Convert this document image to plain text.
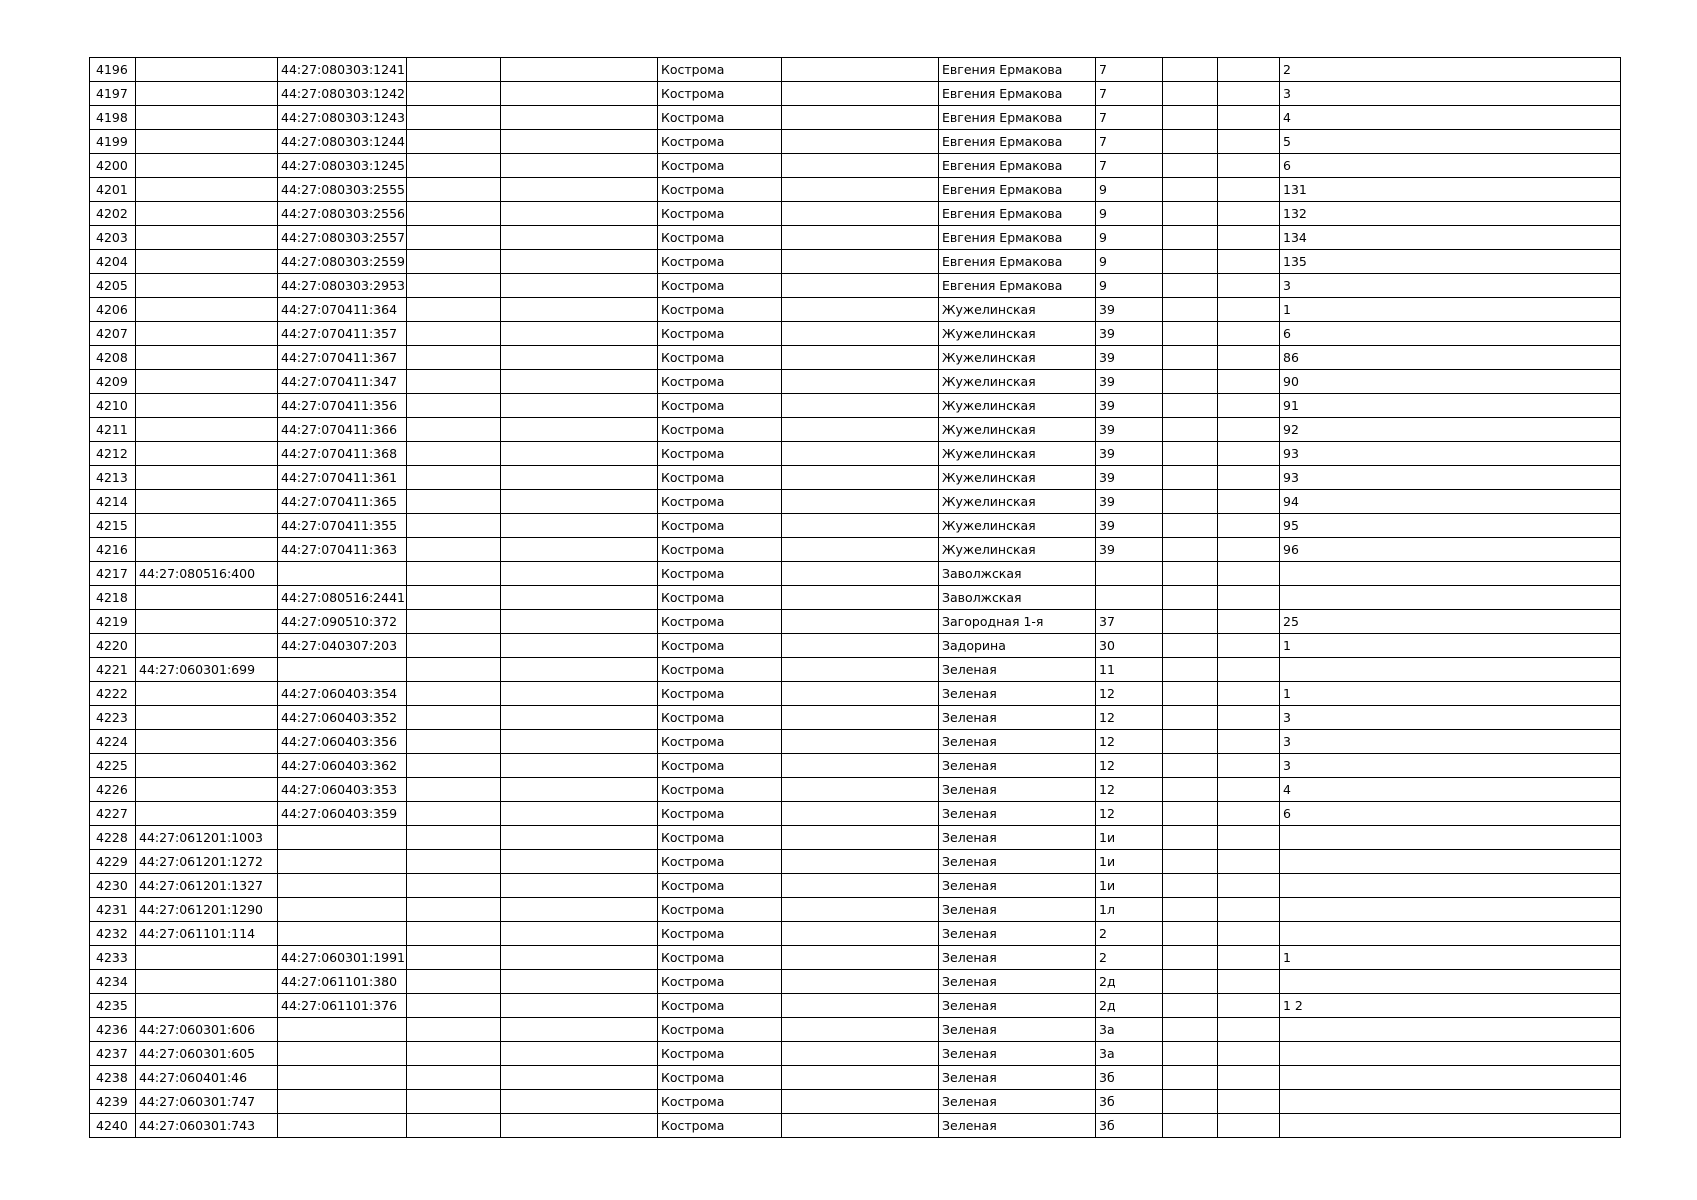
4196		44:27:080303:1241			Кострома		Евгения Ермакова	7			2
4197		44:27:080303:1242			Кострома		Евгения Ермакова	7			3
4198		44:27:080303:1243			Кострома		Евгения Ермакова	7			4
4199		44:27:080303:1244			Кострома		Евгения Ермакова	7			5
4200		44:27:080303:1245			Кострома		Евгения Ермакова	7			6
4201		44:27:080303:2555			Кострома		Евгения Ермакова	9			131
4202		44:27:080303:2556			Кострома		Евгения Ермакова	9			132
4203		44:27:080303:2557			Кострома		Евгения Ермакова	9			134
4204		44:27:080303:2559			Кострома		Евгения Ермакова	9			135
4205		44:27:080303:2953			Кострома		Евгения Ермакова	9			3
4206		44:27:070411:364			Кострома		Жужелинская	39			1
4207		44:27:070411:357			Кострома		Жужелинская	39			6
4208		44:27:070411:367			Кострома		Жужелинская	39			86
4209		44:27:070411:347			Кострома		Жужелинская	39			90
4210		44:27:070411:356			Кострома		Жужелинская	39			91
4211		44:27:070411:366			Кострома		Жужелинская	39			92
4212		44:27:070411:368			Кострома		Жужелинская	39			93
4213		44:27:070411:361			Кострома		Жужелинская	39			93
4214		44:27:070411:365			Кострома		Жужелинская	39			94
4215		44:27:070411:355			Кострома		Жужелинская	39			95
4216		44:27:070411:363			Кострома		Жужелинская	39			96
4217	44:27:080516:400				Кострома		Заволжская				
4218		44:27:080516:2441			Кострома		Заволжская				
4219		44:27:090510:372			Кострома		Загородная 1-я	37			25
4220		44:27:040307:203			Кострома		Задорина	30			1
4221	44:27:060301:699				Кострома		Зеленая	11			
4222		44:27:060403:354			Кострома		Зеленая	12			1
4223		44:27:060403:352			Кострома		Зеленая	12			3
4224		44:27:060403:356			Кострома		Зеленая	12			3
4225		44:27:060403:362			Кострома		Зеленая	12			3
4226		44:27:060403:353			Кострома		Зеленая	12			4
4227		44:27:060403:359			Кострома		Зеленая	12			6
4228	44:27:061201:1003				Кострома		Зеленая	1и			
4229	44:27:061201:1272				Кострома		Зеленая	1и			
4230	44:27:061201:1327				Кострома		Зеленая	1и			
4231	44:27:061201:1290				Кострома		Зеленая	1л			
4232	44:27:061101:114				Кострома		Зеленая	2			
4233		44:27:060301:1991			Кострома		Зеленая	2			1
4234		44:27:061101:380			Кострома		Зеленая	2д			
4235		44:27:061101:376			Кострома		Зеленая	2д			1 2
4236	44:27:060301:606				Кострома		Зеленая	3а			
4237	44:27:060301:605				Кострома		Зеленая	3а			
4238	44:27:060401:46				Кострома		Зеленая	3б			
4239	44:27:060301:747				Кострома		Зеленая	3б			
4240	44:27:060301:743				Кострома		Зеленая	3б			
